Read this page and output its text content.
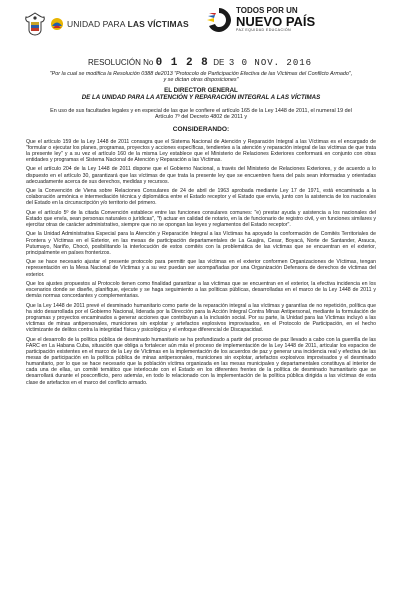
UNIDAD PARA LAS VÍCTIMAS
TODOS POR UN
NUEVO PAÍS
PAZ EQUIDAD EDUCACIÓN
RESOLUCIÓN No 0 1 2 8 DE 3 0 NOV. 2016
"Por la cual se modifica la Resolución 0388 de2013 "Protocolo de Participación Efectiva de las Víctimas del Conflicto Armado",
y se dictan otras disposiciones"
EL DIRECTOR GENERAL
DE LA UNIDAD PARA LA ATENCIÓN Y REPARACIÓN INTEGRAL A LAS VÍCTIMAS
En uso de sus facultades legales y en especial de las que le confiere el artículo 165 de la Ley 1448 de 2011, el numeral 19 del
Artículo 7º del Decreto 4802 de 2011 y
CONSIDERANDO:

Que el artículo 159 de la Ley 1448 de 2011 consagra que el Sistema Nacional de Atención y Reparación Integral a las Víctimas es el encargado de "formular o ejecutar los planes, programas, proyectos y acciones específicas, tendientes a la atención y reparación integral de las víctimas de que trata la presente ley" y a su vez el artículo 160 de la misma Ley establece que el Ministerio de Relaciones Exteriores conformará en conjunto con otras entidades y programas el Sistema Nacional de Atención y Reparación a las Víctimas.

Que el artículo 204 de la Ley 1448 de 2011 dispone que el Gobierno Nacional, a través del Ministerio de Relaciones Exteriores, y de acuerdo a lo dispuesto en el artículo 30, garantizará que las víctimas de que trata la presente ley que se encuentren fuera del país sean informadas y orientadas adecuadamente acerca de sus derechos, medidas y recursos.

Que la Convención de Viena sobre Relaciones Consulares de 24 de abril de 1963 aprobada mediante Ley 17 de 1971, está encaminada a la colaboración armónica e intermediación técnica y diplomática entre el Estado receptor y el Estado que envía, junto con la asistencia de los nacionales del Estado en la circunscripción y/o territorio del primero.

Que el artículo 5º de la citada Convención establece entre las funciones consulares comunes: "e) prestar ayuda y asistencia a los nacionales del Estado que envía, sean personas naturales o jurídicas", "f) actuar en calidad de notario, en la de funcionario de registro civil, y en funciones similares y ejercitar otras de carácter administrativo, siempre que no se opongan las leyes y reglamentos del Estado receptor".

Que la Unidad Administrativa Especial para la Atención y Reparación Integral a las Víctimas ha apoyado la conformación de Comités Territoriales de Frontera y Víctimas en el Exterior, en las mesas de participación departamentales de La Guajira, Cesar, Boyacá, Norte de Santander, Arauca, Putumayo, Nariño, Chocó, posibilitando la interlocución de estos comités con la problemática de las víctimas que se encuentran en el exterior, principalmente en países fronterizos.

Que se hace necesario ajustar el presente protocolo para permitir que las víctimas en el exterior conformen Organizaciones de Víctimas, tengan representación en la Mesa Nacional de Víctimas y a su vez puedan ser acompañadas por una Organización Defensora de derechos de víctimas del exterior.

Que los ajustes propuestos al Protocolo tienen como finalidad garantizar a las víctimas que se encuentran en el exterior, la efectiva incidencia en los escenarios donde se diseñe, planifique, ejecute y se haga seguimiento a las políticas públicas, desarrolladas en el marco de la Ley 1448 de 2011 y demás normas concordantes y complementarias.

Que la Ley 1448 de 2011 prevé el desminado humanitario como parte de la reparación integral a las víctimas y garantías de no repetición, política que ha sido desarrollada por el Gobierno Nacional, liderada por la Dirección para la Acción Integral Contra Minas Antipersonal, mediante la formulación de programas y proyectos encaminados a generar acciones que contribuyan a la inclusión social. Por su parte, la Unidad para las Víctimas incluyó a las víctimas de minas antipersonales, municiones sin explotar y artefactos explosivos improvisados, en el Protocolo de Participación, en el hecho victimizante de delitos contra la integridad física y psicológica y el enfoque diferencial de Discapacidad.

Que el desarrollo de la política pública de desminado humanitario se ha profundizado a partir del proceso de paz llevado a cabo con la guerrilla de las FARC en La Habana Cuba, situación que obliga a fortalecer aún más el proceso de implementación de la Ley 1448 de 2011, articular los espacios de participación existentes en el marco de la Ley de Víctimas en la implementación de los acuerdos de paz y generar una incidencia real y efectiva de las mesas de participación en la política pública de minas antipersonales, municiones sin explotar, artefactos explosivos improvisados y el desminado humanitario, por lo que se hace necesario que la población víctima organizada en las mesas municipales y departamentales constituya al interior de cada una de ellas, un comité temático que interlocute con el Estado en los diferentes frentes de la política de desminado humanitario que se desarrollará durante el posconflicto, pero además, en todo lo relacionado con la implementación de la política pública dirigida a las víctimas de esta clase de artefactos en el marco del conflicto armado.
